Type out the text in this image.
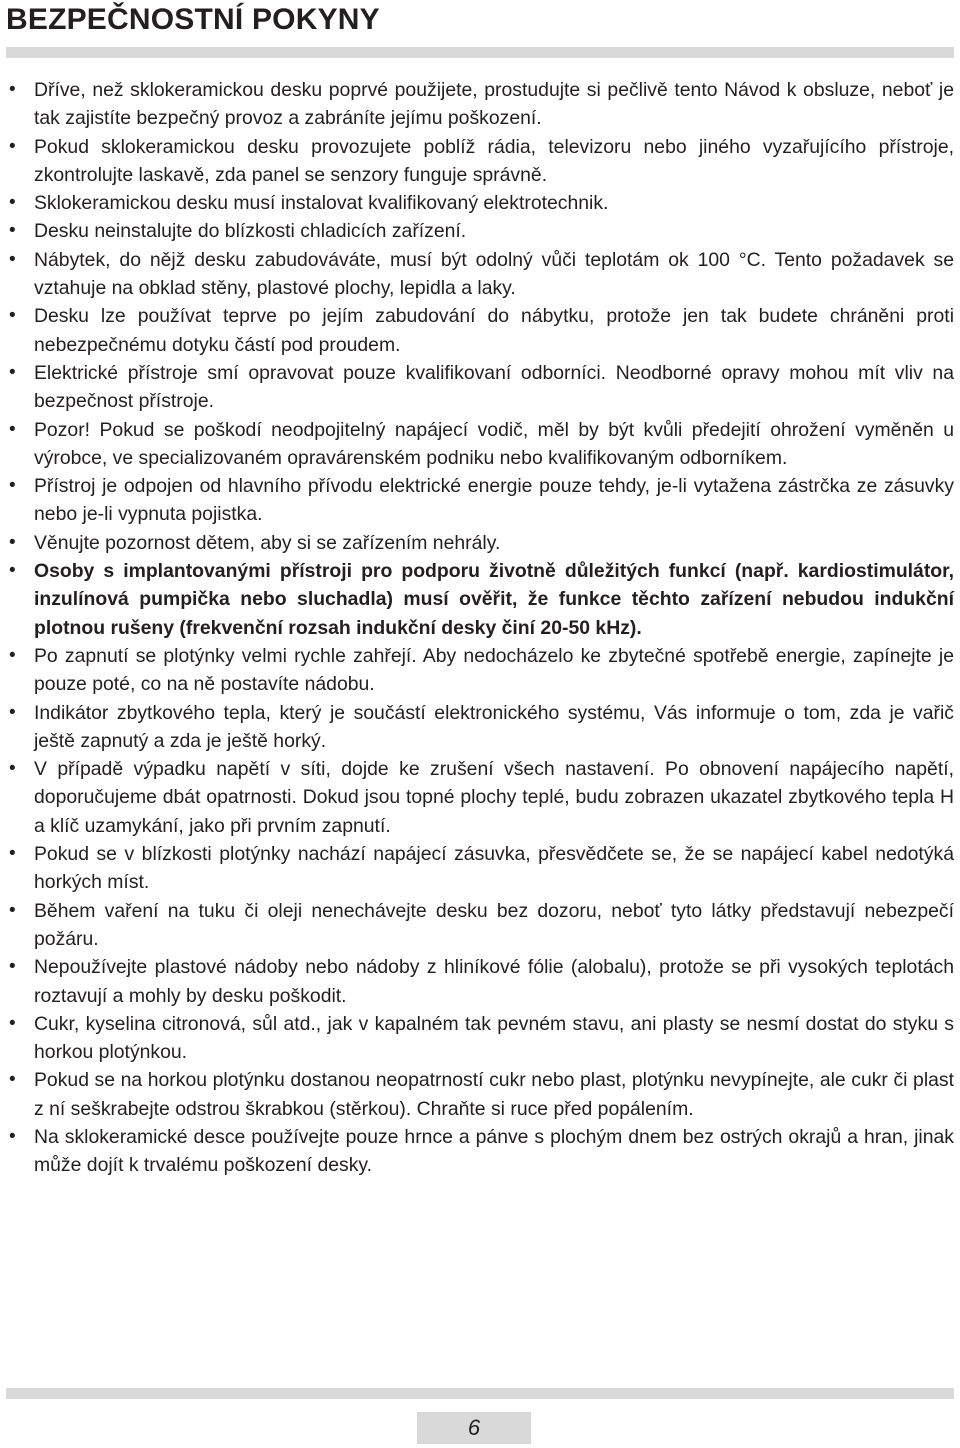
BEZPEČNOSTNÍ POKYNY
• Dříve, než sklokeramickou desku poprvé použijete, prostudujte si pečlivě tento Návod k obsluze, neboť je tak zajistíte bezpečný provoz a zabráníte jejímu poškození.
• Pokud sklokeramickou desku provozujete poblíž rádia, televizoru nebo jiného vyzařujícího přístroje, zkontrolujte laskavě, zda panel se senzory funguje správně.
• Sklokeramickou desku musí instalovat kvalifikovaný elektrotechnik.
• Desku neinstalujte do blízkosti chladicích zařízení.
• Nábytek, do nějž desku zabudováváte, musí být odolný vůči teplotám ok 100 °C. Tento požadavek se vztahuje na obklad stěny, plastové plochy, lepidla a laky.
• Desku lze používat teprve po jejím zabudování do nábytku, protože jen tak budete chráněni proti nebezpečnému dotyku částí pod proudem.
• Elektrické přístroje smí opravovat pouze kvalifikovaní odborníci. Neodborné opravy mohou mít vliv na bezpečnost přístroje.
• Pozor! Pokud se poškodí neodpojitelný napájecí vodič, měl by být kvůli předejití ohrožení vyměněn u výrobce, ve specializovaném opravárenském podniku nebo kvalifikovaným odborníkem.
• Přístroj je odpojen od hlavního přívodu elektrické energie pouze tehdy, je-li vytažena zástrčka ze zásuvky nebo je-li vypnuta pojistka.
• Věnujte pozornost dětem, aby si se zařízením nehrály.
• Osoby s implantovanými přístroji pro podporu životně důležitých funkcí (např. kardiostimulátor, inzulínová pumpička nebo sluchadla) musí ověřit, že funkce těchto zařízení nebudou indukční plotnou rušeny (frekvenční rozsah indukční desky činí 20-50 kHz).
• Po zapnutí se plotýnky velmi rychle zahřejí. Aby nedocházelo ke zbytečné spotřebě energie, zapínejte je pouze poté, co na ně postavíte nádobu.
• Indikátor zbytkového tepla, který je součástí elektronického systému, Vás informuje o tom, zda je vařič ještě zapnutý a zda je ještě horký.
• V případě výpadku napětí v síti, dojde ke zrušení všech nastavení. Po obnovení napájecího napětí, doporučujeme dbát opatrnosti. Dokud jsou topné plochy teplé, budu zobrazen ukazatel zbytkového tepla H a klíč uzamykání, jako při prvním zapnutí.
• Pokud se v blízkosti plotýnky nachází napájecí zásuvka, přesvědčete se, že se napájecí kabel nedotýká horkých míst.
• Během vaření na tuku či oleji nenechávejte desku bez dozoru, neboť tyto látky představují nebezpečí požáru.
• Nepoužívejte plastové nádoby nebo nádoby z hliníkové fólie (alobalu), protože se při vysokých teplotách roztavují a mohly by desku poškodit.
• Cukr, kyselina citronová, sůl atd., jak v kapalném tak pevném stavu, ani plasty se nesmí dostat do styku s horkou plotýnkou.
• Pokud se na horkou plotýnku dostanou neopatrností cukr nebo plast, plotýnku nevypínejte, ale cukr či plast z ní seškrabejte odstrou škrabkou (stěrkou). Chraňte si ruce před popálením.
• Na sklokeramické desce používejte pouze hrnce a pánve s plochým dnem bez ostrých okrajů a hran, jinak může dojít k trvalému poškození desky.
6
